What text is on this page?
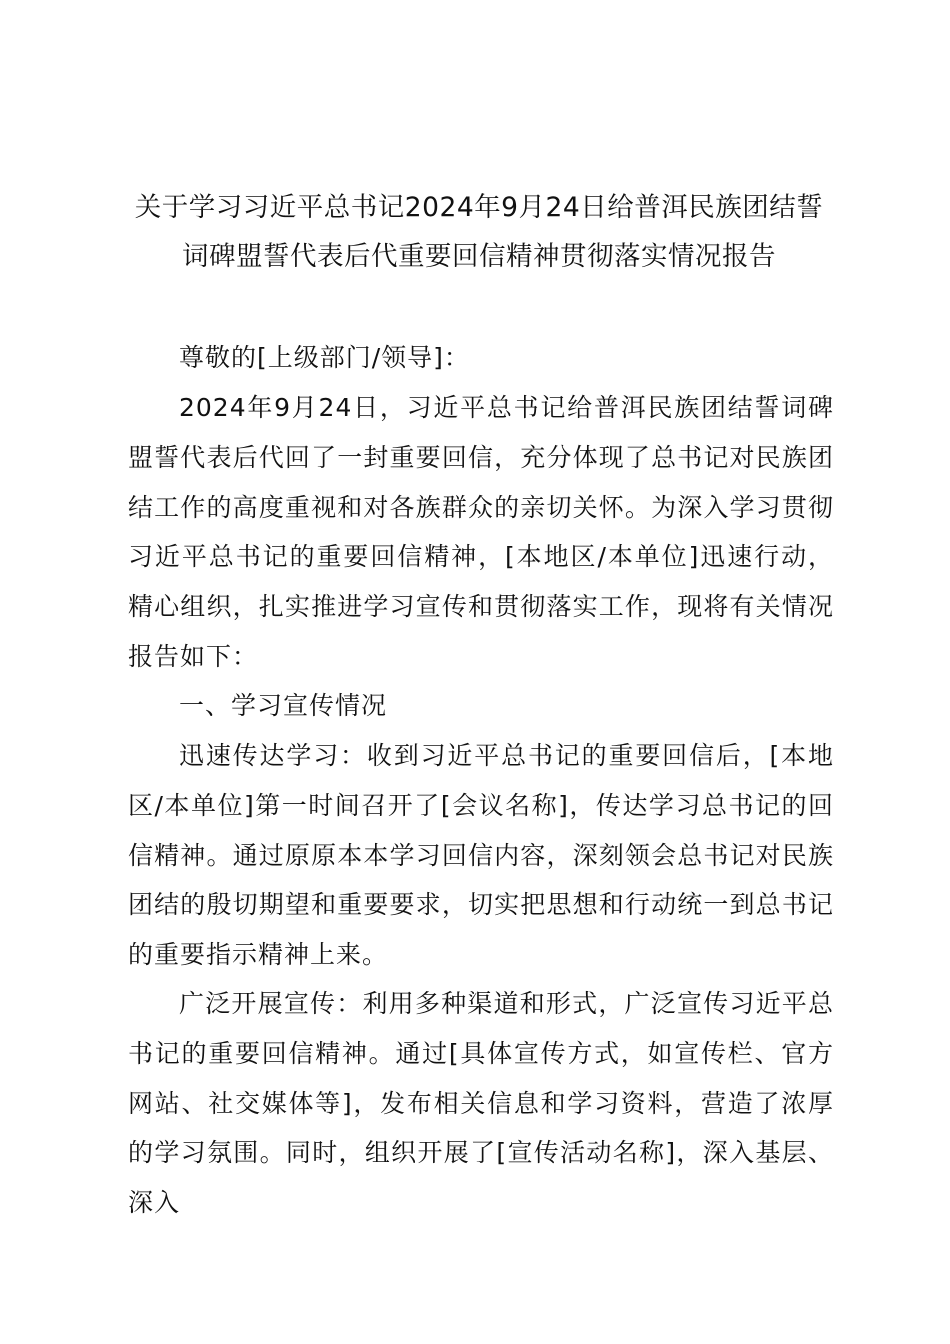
关于学习习近平总书记2024年9月24日给普洱民族团结誓词碑盟誓代表后代重要回信精神贯彻落实情况报告

尊敬的[上级部门/领导]：

2024年9月24日，习近平总书记给普洱民族团结誓词碑盟誓代表后代回了一封重要回信，充分体现了总书记对民族团结工作的高度重视和对各族群众的亲切关怀。为深入学习贯彻习近平总书记的重要回信精神，[本地区/本单位]迅速行动，精心组织，扎实推进学习宣传和贯彻落实工作，现将有关情况报告如下：

一、学习宣传情况

迅速传达学习：收到习近平总书记的重要回信后，[本地区/本单位]第一时间召开了[会议名称]，传达学习总书记的回信精神。通过原原本本学习回信内容，深刻领会总书记对民族团结的殷切期望和重要要求，切实把思想和行动统一到总书记的重要指示精神上来。

广泛开展宣传：利用多种渠道和形式，广泛宣传习近平总书记的重要回信精神。通过[具体宣传方式，如宣传栏、官方网站、社交媒体等]，发布相关信息和学习资料，营造了浓厚的学习氛围。同时，组织开展了[宣传活动名称]，深入基层、深入
